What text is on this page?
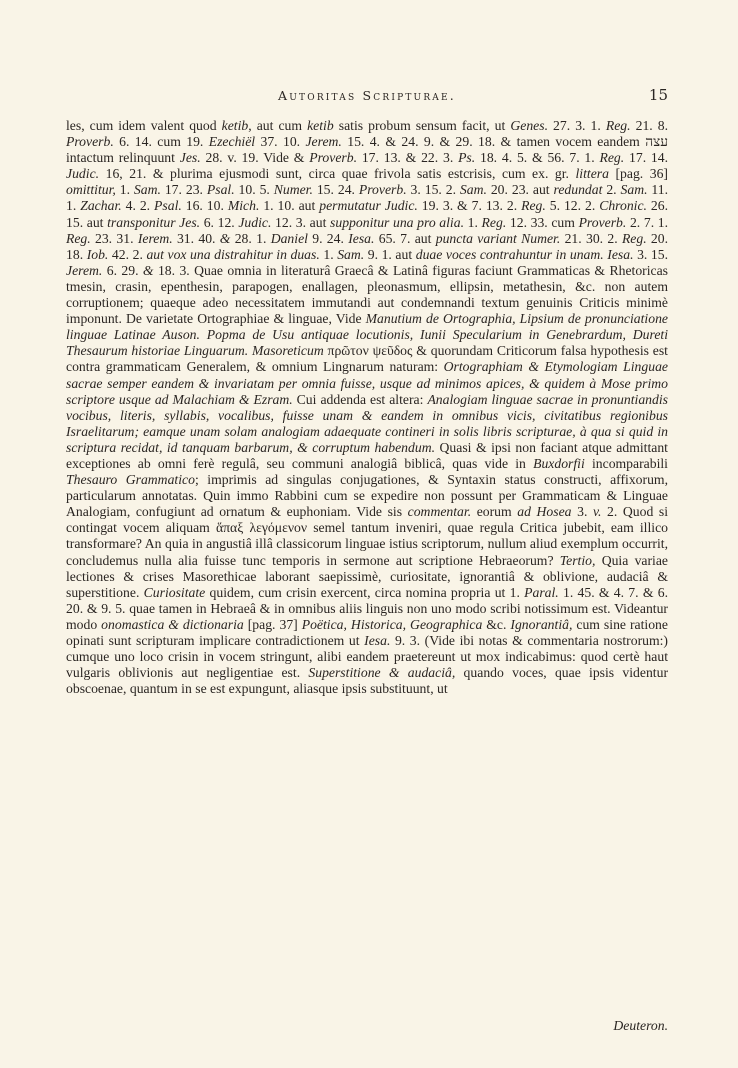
Autoritas Scripturae.	15

les, cum idem valent quod ketib, aut cum ketib satis probum sensum facit, ut Genes. 27. 3. 1. Reg. 21. 8. Proverb. 6. 14. cum 19. Ezechiël 37. 10. Jerem. 15. 4. & 24. 9. & 29. 18. & tamen vocem eandem עצה intactum relinquunt Jes. 28. v. 19. Vide & Proverb. 17. 13. & 22. 3. Ps. 18. 4. 5. & 56. 7. 1. Reg. 17. 14. Judic. 16, 21. & plurima ejusmodi sunt, circa quae frivola satis estcrisis, cum ex. gr. littera [pag. 36] omittitur, 1. Sam. 17. 23. Psal. 10. 5. Numer. 15. 24. Proverb. 3. 15. 2. Sam. 20. 23. aut redundat 2. Sam. 11. 1. Zachar. 4. 2. Psal. 16. 10. Mich. 1. 10. aut permutatur Judic. 19. 3. & 7. 13. 2. Reg. 5. 12. 2. Chronic. 26. 15. aut transponitur Jes. 6. 12. Judic. 12. 3. aut supponitur una pro alia. 1. Reg. 12. 33. cum Proverb. 2. 7. 1. Reg. 23. 31. Ierem. 31. 40. & 28. 1. Daniel 9. 24. Iesa. 65. 7. aut puncta variant Numer. 21. 30. 2. Reg. 20. 18. Iob. 42. 2. aut vox una distrahitur in duas. 1. Sam. 9. 1. aut duae voces contrahuntur in unam. Iesa. 3. 15. Jerem. 6. 29. & 18. 3. Quae omnia in literaturâ Graecâ & Latinâ figuras faciunt Grammaticas & Rhetoricas tmesin, crasin, epenthesin, parapogen, enallagen, pleonasmum, ellipsin, metathesin, &c. non autem corruptionem; quaeque adeo necessitatem immutandi aut condemnandi textum genuinis Criticis minimè imponunt. De varietate Ortographiae & linguae, Vide Manutium de Ortographia, Lipsium de pronunciatione linguae Latinae Auson. Popma de Usu antiquae locutionis, Iunii Specularium in Genebrardum, Dureti Thesaurum historiae Linguarum. Masoreticum πρῶτον ψεῦδος & quorundam Criticorum falsa hypothesis est contra grammaticam Generalem, & omnium Lingnarum naturam: Ortographiam & Etymologiam Linguae sacrae semper eandem & invariatam per omnia fuisse, usque ad minimos apices, & quidem à Mose primo scriptore usque ad Malachiam & Ezram. Cui addenda est altera: Analogiam linguae sacrae in pronuntiandis vocibus, literis, syllabis, vocalibus, fuisse unam & eandem in omnibus vicis, civitatibus regionibus Israelitarum; eamque unam solam analogiam adaequate contineri in solis libris scripturae, à qua si quid in scriptura recidat, id tanquam barbarum, & corruptum habendum. Quasi & ipsi non faciant atque admittant exceptiones ab omni ferè regulâ, seu communi analogiâ biblicâ, quas vide in Buxdorfii incomparabili Thesauro Grammatico; imprimis ad singulas conjugationes, & Syntaxin status constructi, affixorum, particularum annotatas. Quin immo Rabbini cum se expedire non possunt per Grammaticam & Linguae Analogiam, confugiunt ad ornatum & euphoniam. Vide sis commentar. eorum ad Hosea 3. v. 2. Quod si contingat vocem aliquam ἅπαξ λεγόμενον semel tantum inveniri, quae regula Critica jubebit, eam illico transformare? An quia in angustiâ illâ classicorum linguae istius scriptorum, nullum aliud exemplum occurrit, concludemus nulla alia fuisse tunc temporis in sermone aut scriptione Hebraeorum? Tertio, Quia variae lectiones & crises Masorethicae laborant saepissimè, curiositate, ignorantiâ & oblivione, audaciâ & superstitione. Curiositate quidem, cum crisin exercent, circa nomina propria ut 1. Paral. 1. 45. & 4. 7. & 6. 20. & 9. 5. quae tamen in Hebraeâ & in omnibus aliis linguis non uno modo scribi notissimum est. Videantur modo onomastica & dictionaria [pag. 37] Poëtica, Historica, Geographica &c. Ignorantiâ, cum sine ratione opinati sunt scripturam implicare contradictionem ut Iesa. 9. 3. (Vide ibi notas & commentaria nostrorum:) cumque uno loco crisin in vocem stringunt, alibi eandem praetereunt ut mox indicabimus: quod certè haut vulgaris oblivionis aut negligentiae est. Superstitione & audaciâ, quando voces, quae ipsis videntur obscoenae, quantum in se est expungunt, aliasque ipsis substituunt, ut

Deuteron.
